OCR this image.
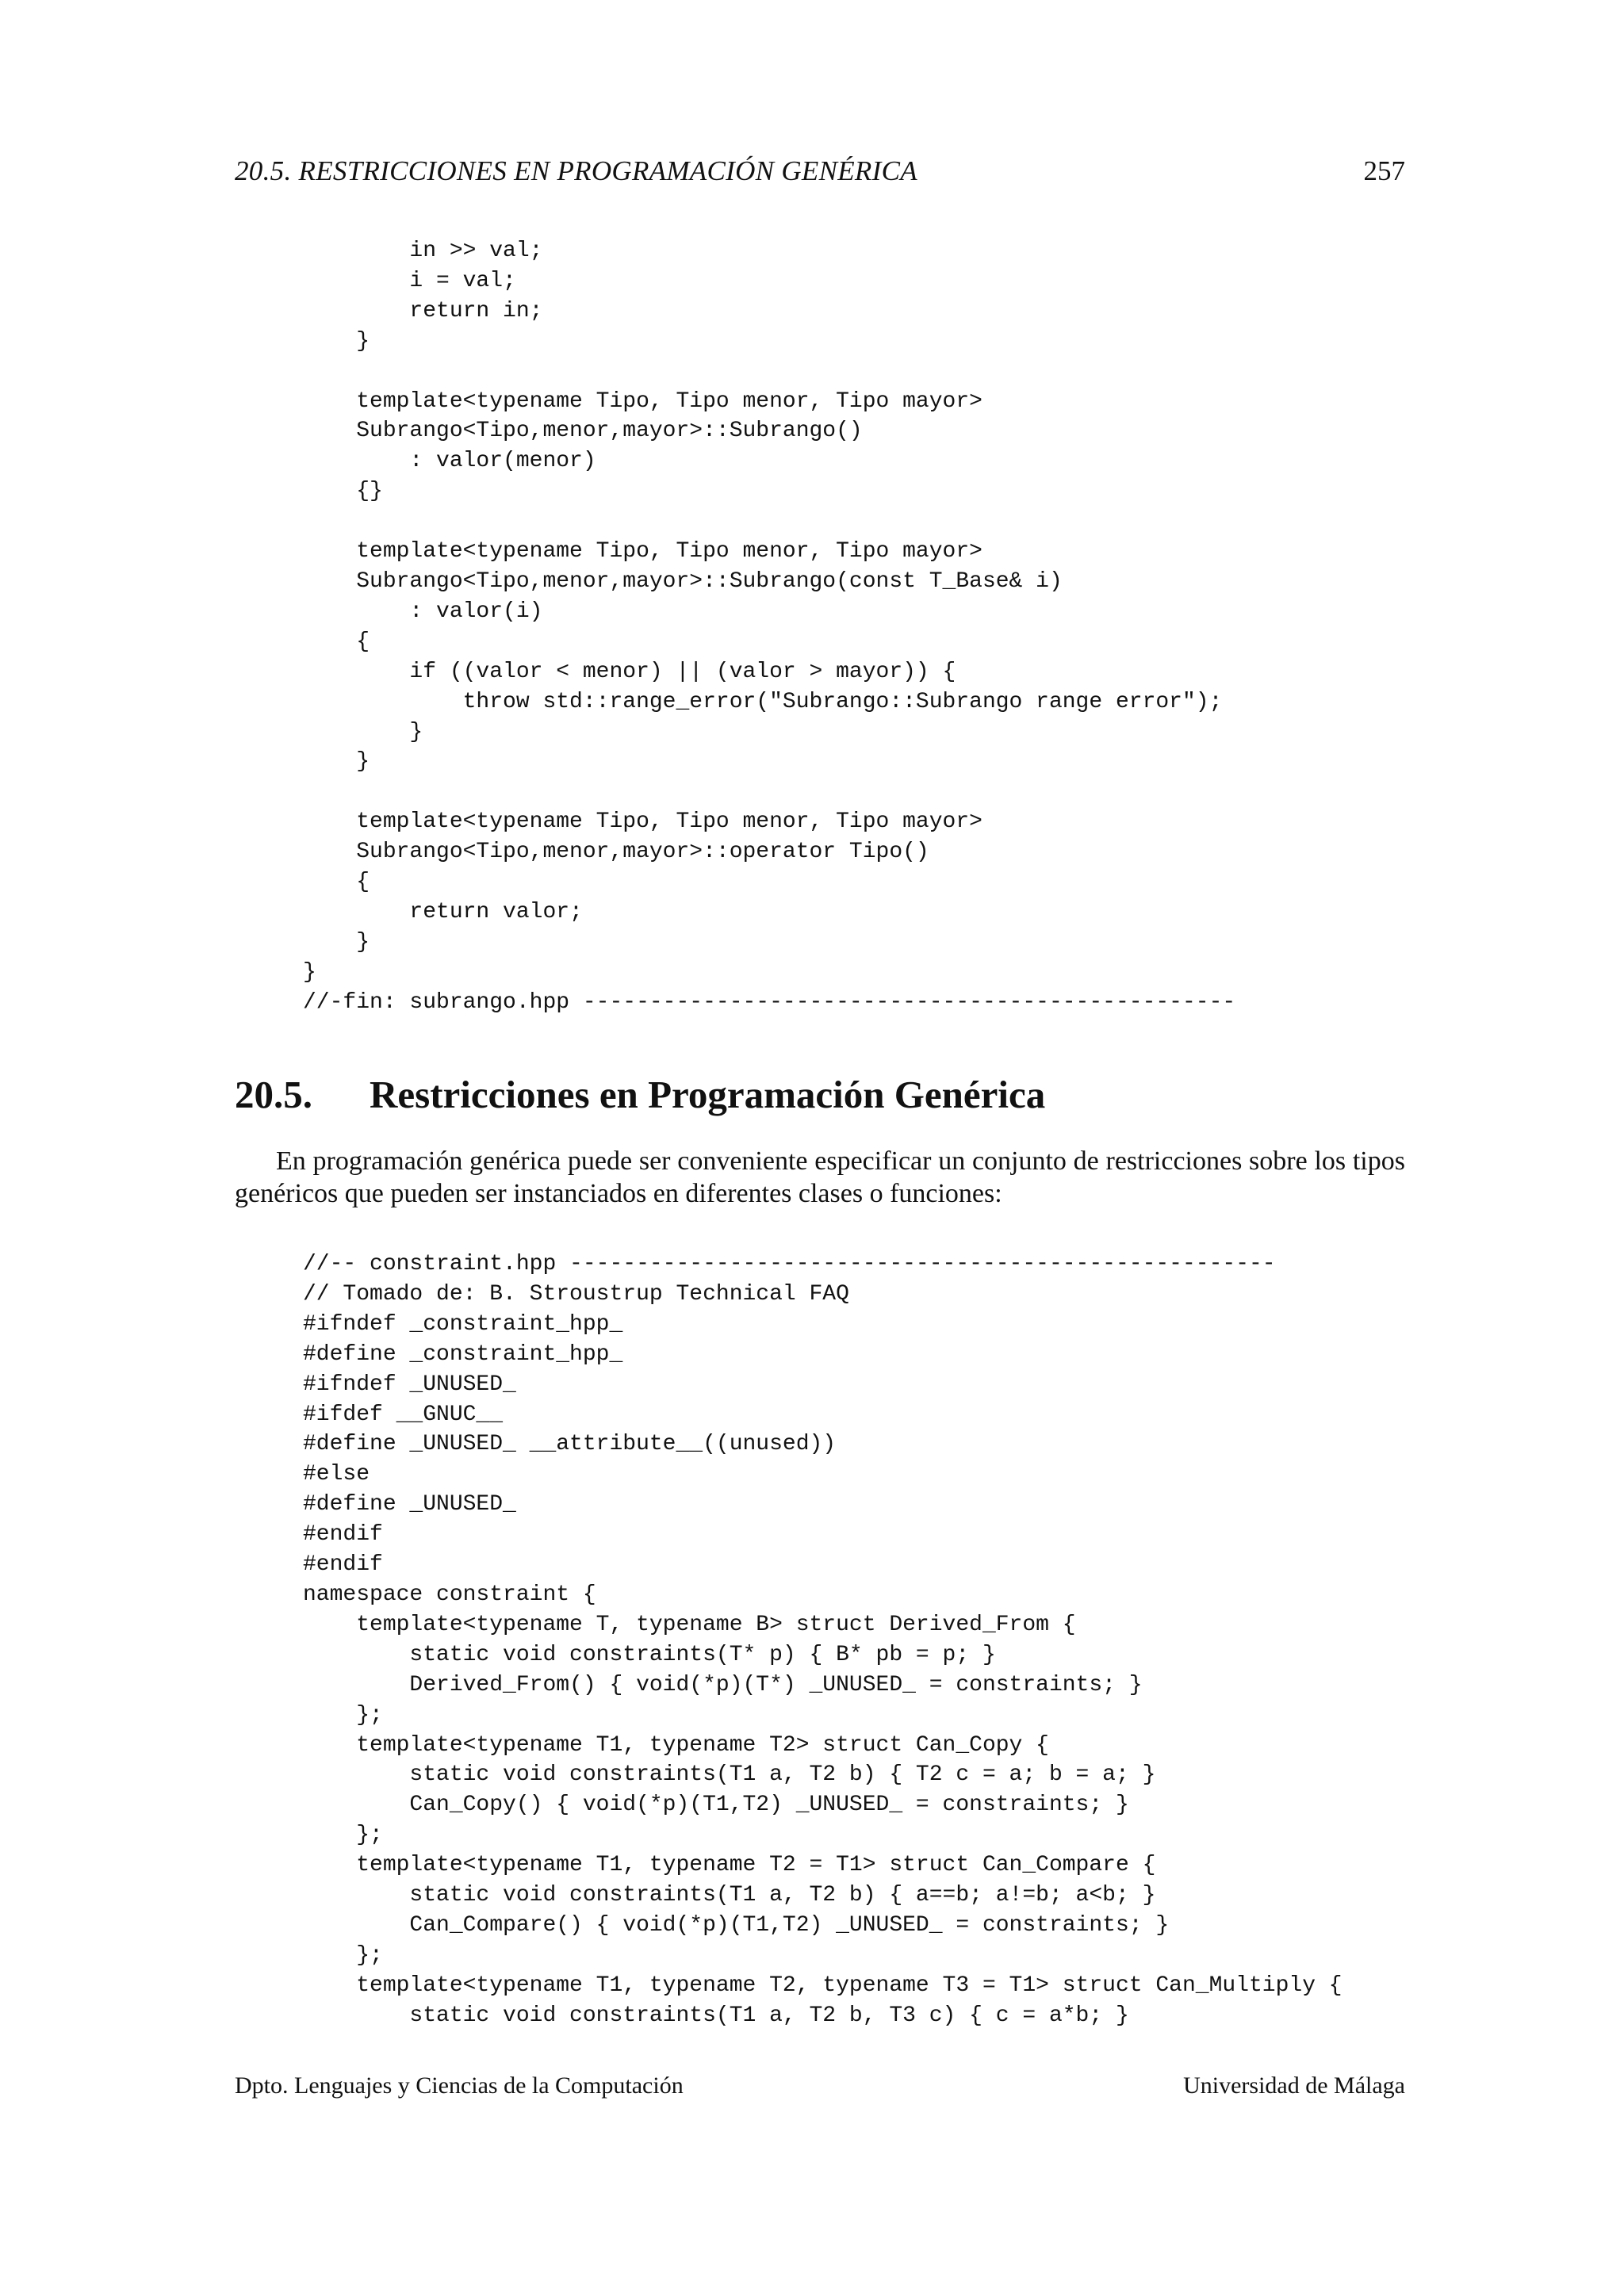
20.5. RESTRICCIONES EN PROGRAMACIÓN GENÉRICA	257
in >> val;
i = val;
return in;
}

template<typename Tipo, Tipo menor, Tipo mayor>
Subrango<Tipo,menor,mayor>::Subrango()
: valor(menor)
{}

template<typename Tipo, Tipo menor, Tipo mayor>
Subrango<Tipo,menor,mayor>::Subrango(const T_Base& i)
: valor(i)
{
if ((valor < menor) || (valor > mayor)) {
throw std::range_error("Subrango::Subrango range error");
}
}

template<typename Tipo, Tipo menor, Tipo mayor>
Subrango<Tipo,menor,mayor>::operator Tipo()
{
return valor;
}
}
//-fin: subrango.hpp -------------------------------------------------
20.5. Restricciones en Programación Genérica

En programación genérica puede ser conveniente especificar un conjunto de restricciones sobre los tipos genéricos que pueden ser instanciados en diferentes clases o funciones:

//-- constraint.hpp -----------------------------------------------------
// Tomado de: B. Stroustrup Technical FAQ
#ifndef _constraint_hpp_
#define _constraint_hpp_
#ifndef _UNUSED_
#ifdef __GNUC__
#define _UNUSED_ __attribute__((unused))
#else
#define _UNUSED_
#endif
#endif
namespace constraint {
template<typename T, typename B> struct Derived_From {
static void constraints(T* p) { B* pb = p; }
Derived_From() { void(*p)(T*) _UNUSED_ = constraints; }
};
template<typename T1, typename T2> struct Can_Copy {
static void constraints(T1 a, T2 b) { T2 c = a; b = a; }
Can_Copy() { void(*p)(T1,T2) _UNUSED_ = constraints; }
};
template<typename T1, typename T2 = T1> struct Can_Compare {
static void constraints(T1 a, T2 b) { a==b; a!=b; a<b; }
Can_Compare() { void(*p)(T1,T2) _UNUSED_ = constraints; }
};
template<typename T1, typename T2, typename T3 = T1> struct Can_Multiply {
static void constraints(T1 a, T2 b, T3 c) { c = a*b; }
Dpto. Lenguajes y Ciencias de la Computación	Universidad de Málaga
